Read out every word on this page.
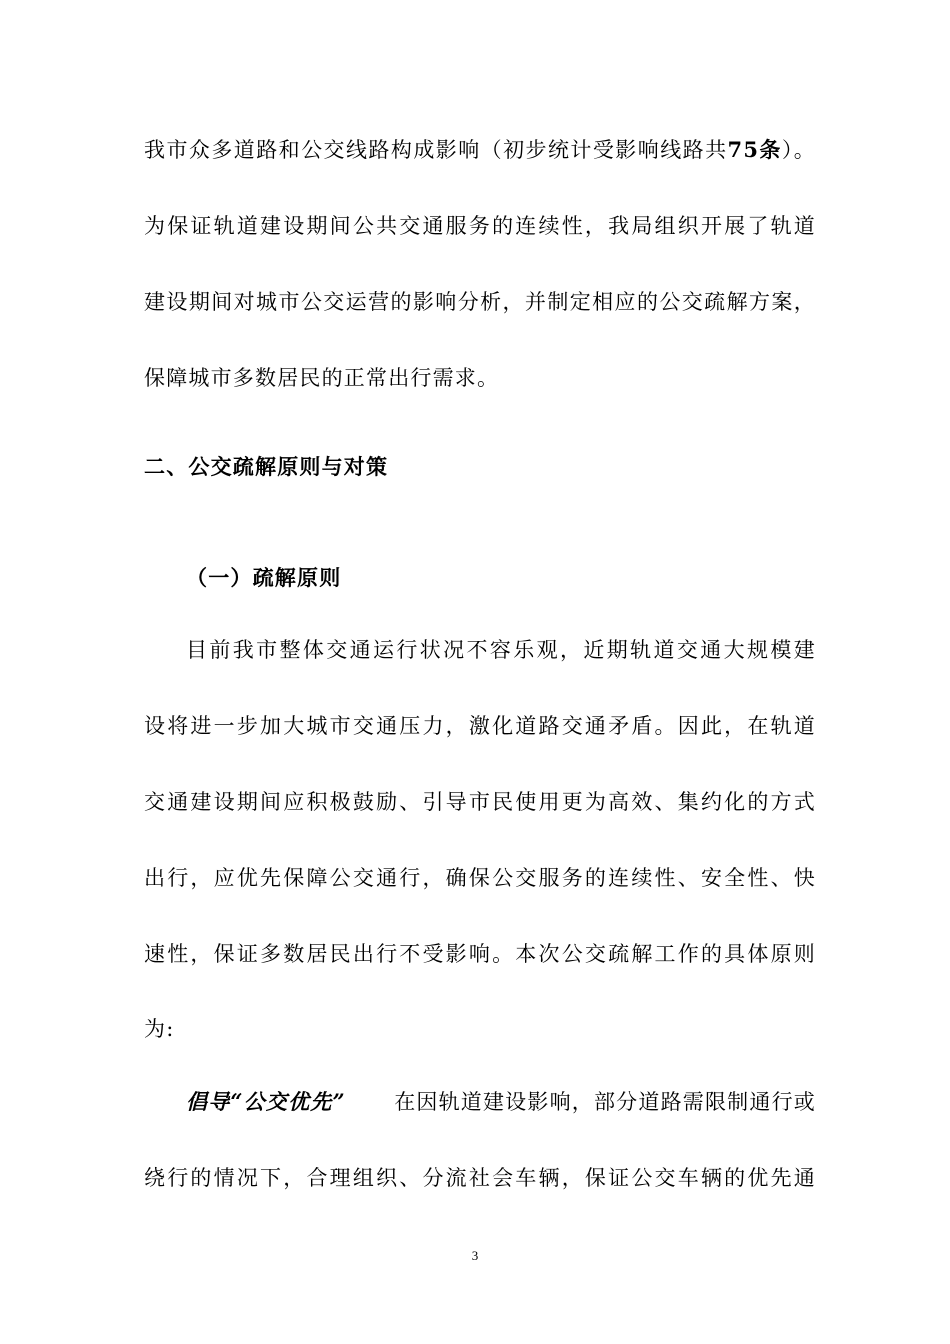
我市众多道路和公交线路构成影响（初步统计受影响线路共75条）。
为保证轨道建设期间公共交通服务的连续性，我局组织开展了轨道
建设期间对城市公交运营的影响分析，并制定相应的公交疏解方案，
保障城市多数居民的正常出行需求。
二、公交疏解原则与对策
（一）疏解原则
目前我市整体交通运行状况不容乐观，近期轨道交通大规模建
设将进一步加大城市交通压力，激化道路交通矛盾。因此，在轨道
交通建设期间应积极鼓励、引导市民使用更为高效、集约化的方式
出行，应优先保障公交通行，确保公交服务的连续性、安全性、快
速性，保证多数居民出行不受影响。本次公交疏解工作的具体原则
为:
倡导“公交优先” 在因轨道建设影响，部分道路需限制通行或
绕行的情况下，合理组织、分流社会车辆，保证公交车辆的优先通
3
